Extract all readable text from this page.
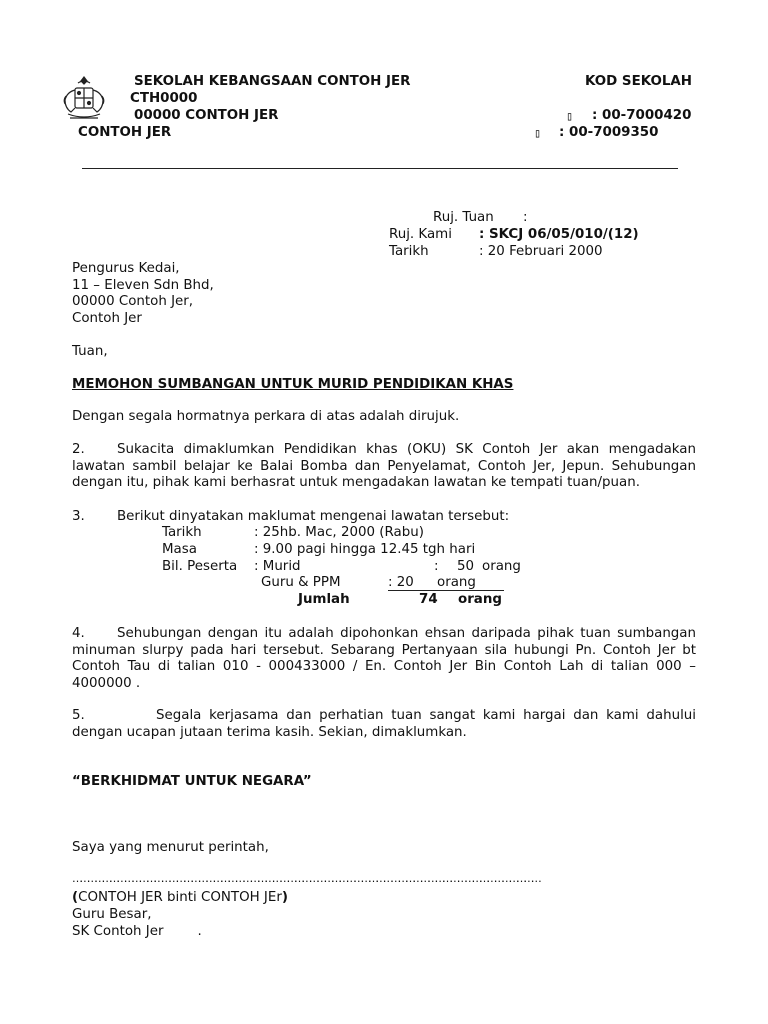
SEKOLAH KEBANGSAAN CONTOH JER	KOD SEKOLAH
CTH0000
00000 CONTOH JER
CONTOH JER
▯ : 00-7000420
▯ : 00-7009350
Ruj. Tuan :
Ruj. Kami : SKCJ 06/05/010/(12)
Tarikh	: 20 Februari 2000
Pengurus Kedai,
11 – Eleven Sdn Bhd,
00000 Contoh Jer,
Contoh Jer
Tuan,
MEMOHON SUMBANGAN UNTUK MURID PENDIDIKAN KHAS
Dengan segala hormatnya perkara di atas adalah dirujuk.
2.	Sukacita dimaklumkan Pendidikan khas (OKU) SK Contoh Jer akan mengadakan
lawatan sambil belajar ke Balai Bomba dan Penyelamat, Contoh Jer, Jepun. Sehubungan
dengan itu, pihak kami berhasrat untuk mengadakan lawatan ke tempati tuan/puan.
3. Berikut dinyatakan maklumat mengenai lawatan tersebut:
Tarikh	: 25hb. Mac, 2000 (Rabu)
Masa	: 9.00 pagi hingga 12.45 tgh hari
Bil. Peserta : Murid	: 50 orang
Guru & PPM	: 20 orang
Jumlah	74 orang
4.	Sehubungan dengan itu adalah dipohonkan ehsan daripada pihak tuan sumbangan
minuman slurpy pada hari tersebut. Sebarang Pertanyaan sila hubungi Pn. Contoh Jer bt
Contoh Tau di talian 010 - 000433000 / En. Contoh Jer Bin Contoh Lah di talian 000 –
4000000 .
5.	Segala kerjasama dan perhatian tuan sangat kami hargai dan kami dahului
dengan ucapan jutaan terima kasih. Sekian, dimaklumkan.
“BERKHIDMAT UNTUK NEGARA”
Saya yang menurut perintah,
………………………………………………………………………………………………………………………………………………………………………
(CONTOH JER binti CONTOH JEr)
Guru Besar,
SK Contoh Jer        .
